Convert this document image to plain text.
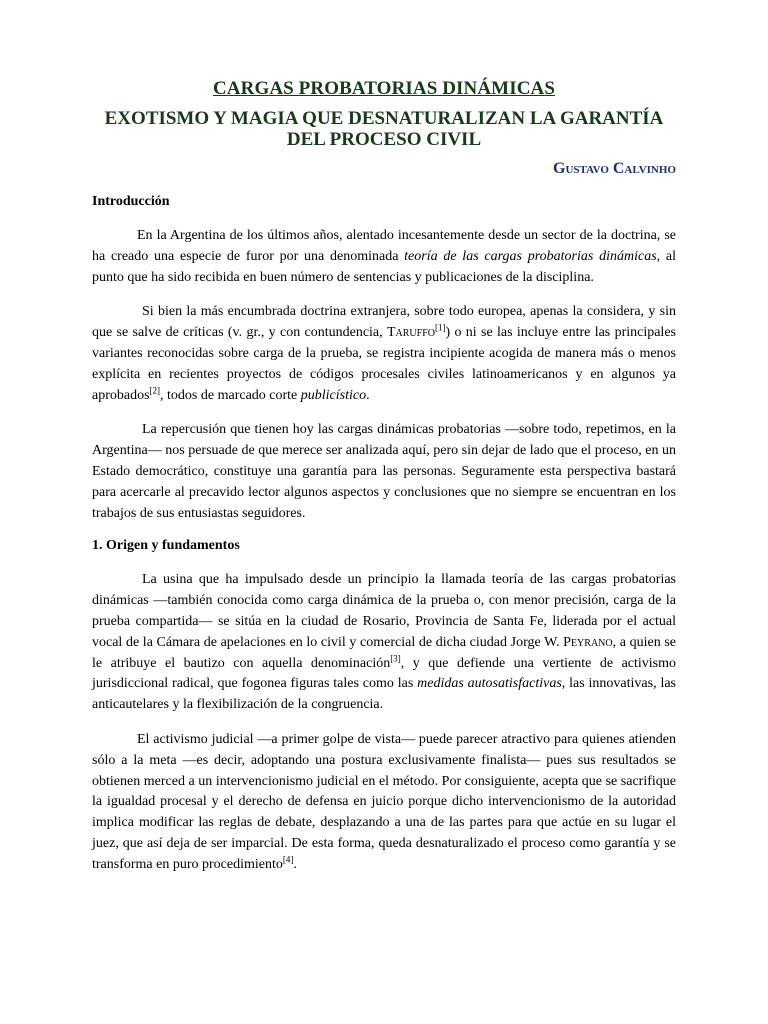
CARGAS PROBATORIAS DINÁMICAS
EXOTISMO Y MAGIA QUE DESNATURALIZAN LA GARANTÍA DEL PROCESO CIVIL
Gustavo Calvinho
Introducción

En la Argentina de los últimos años, alentado incesantemente desde un sector de la doctrina, se ha creado una especie de furor por una denominada teoría de las cargas probatorias dinámicas, al punto que ha sido recibida en buen número de sentencias y publicaciones de la disciplina.

Si bien la más encumbrada doctrina extranjera, sobre todo europea, apenas la considera, y sin que se salve de críticas (v. gr., y con contundencia, Taruffo[1]) o ni se las incluye entre las principales variantes reconocidas sobre carga de la prueba, se registra incipiente acogida de manera más o menos explícita en recientes proyectos de códigos procesales civiles latinoamericanos y en algunos ya aprobados[2], todos de marcado corte publicístico.

La repercusión que tienen hoy las cargas dinámicas probatorias —sobre todo, repetimos, en la Argentina— nos persuade de que merece ser analizada aquí, pero sin dejar de lado que el proceso, en un Estado democrático, constituye una garantía para las personas. Seguramente esta perspectiva bastará para acercarle al precavido lector algunos aspectos y conclusiones que no siempre se encuentran en los trabajos de sus entusiastas seguidores.

1. Origen y fundamentos

La usina que ha impulsado desde un principio la llamada teoría de las cargas probatorias dinámicas —también conocida como carga dinámica de la prueba o, con menor precisión, carga de la prueba compartida— se sitúa en la ciudad de Rosario, Provincia de Santa Fe, liderada por el actual vocal de la Cámara de apelaciones en lo civil y comercial de dicha ciudad Jorge W. Peyrano, a quien se le atribuye el bautizo con aquella denominación[3], y que defiende una vertiente de activismo jurisdiccional radical, que fogonea figuras tales como las medidas autosatisfactivas, las innovativas, las anticautelares y la flexibilización de la congruencia.

El activismo judicial —a primer golpe de vista— puede parecer atractivo para quienes atienden sólo a la meta —es decir, adoptando una postura exclusivamente finalista— pues sus resultados se obtienen merced a un intervencionismo judicial en el método. Por consiguiente, acepta que se sacrifique la igualdad procesal y el derecho de defensa en juicio porque dicho intervencionismo de la autoridad implica modificar las reglas de debate, desplazando a una de las partes para que actúe en su lugar el juez, que así deja de ser imparcial. De esta forma, queda desnaturalizado el proceso como garantía y se transforma en puro procedimiento[4].
